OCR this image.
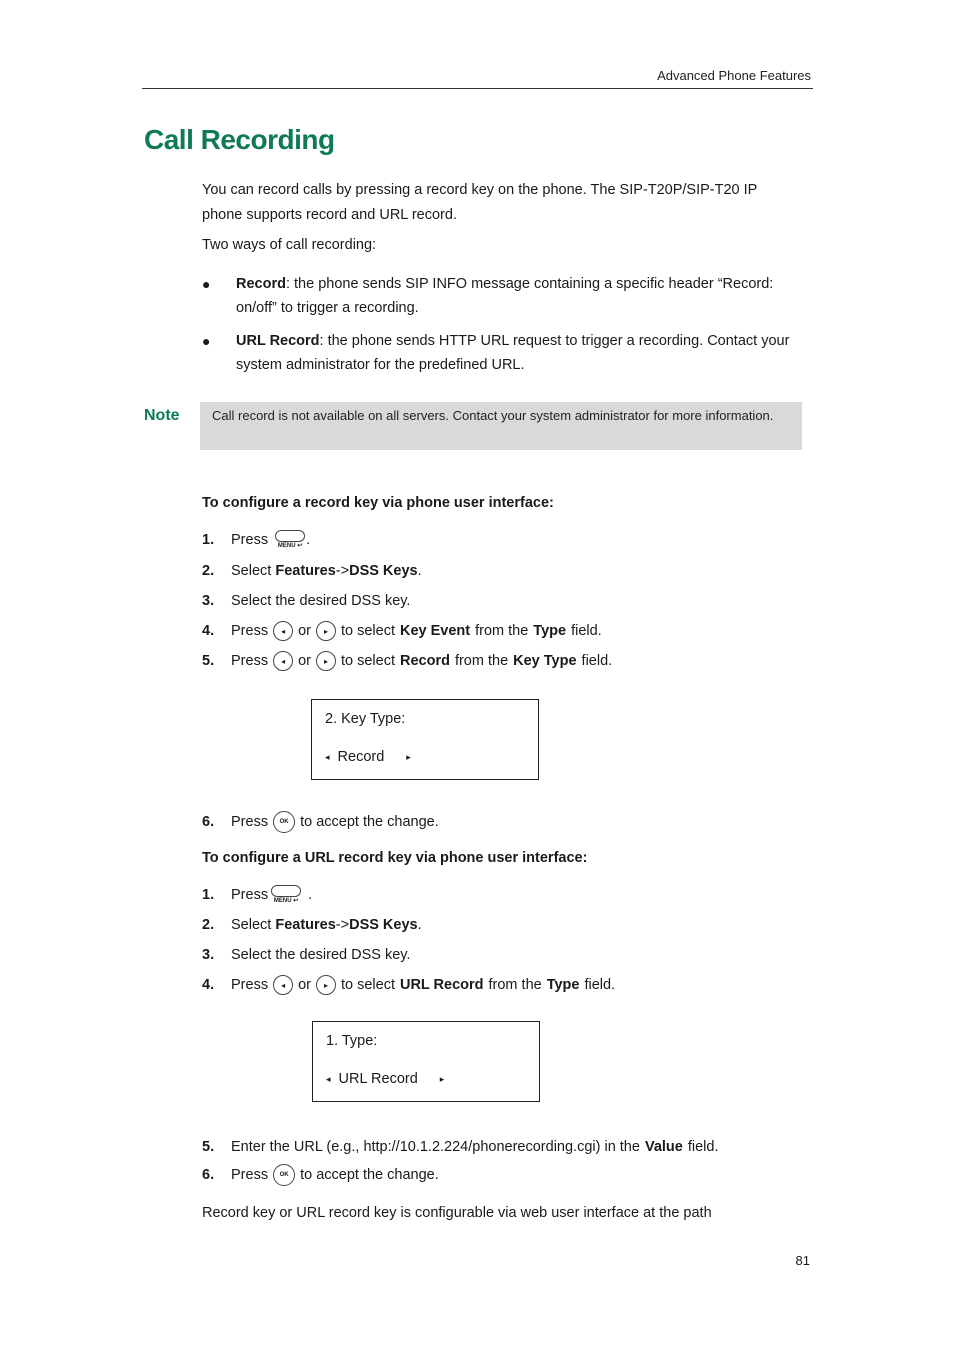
Advanced Phone Features
Call Recording
You can record calls by pressing a record key on the phone. The SIP-T20P/SIP-T20 IP
phone supports record and URL record.
Two ways of call recording:
● Record: the phone sends SIP INFO message containing a specific header “Record:
on/off” to trigger a recording.
● URL Record: the phone sends HTTP URL request to trigger a recording. Contact your
system administrator for the predefined URL.
Note Call record is not available on all servers. Contact your system administrator for more information.
To configure a record key via phone user interface:
1. Press MENU ↩ .
2. Select
Features -> DSS Keys .
3. Select the desired DSS key.
4. Press	◂ or	▸ to select Key Event from the Type field.
5. Press	◂ or	▸ to select Record from the Key Type field.
2. Key Type:
◂ Record ▸
6. Press	OK to accept the change.
To configure a URL record key via phone user interface:
1. Press MENU ↩ .
2. Select
Features -> DSS Keys .
3. Select the desired DSS key.
4. Press	◂ or	▸ to select URL Record from the Type field.
1. Type:
◂ URL Record ▸
5. Enter the URL (e.g., http://10.1.2.224/phonerecording.cgi) in the Value field.
6. Press	OK to accept the change.
Record key or URL record key is configurable via web user interface at the path
81
